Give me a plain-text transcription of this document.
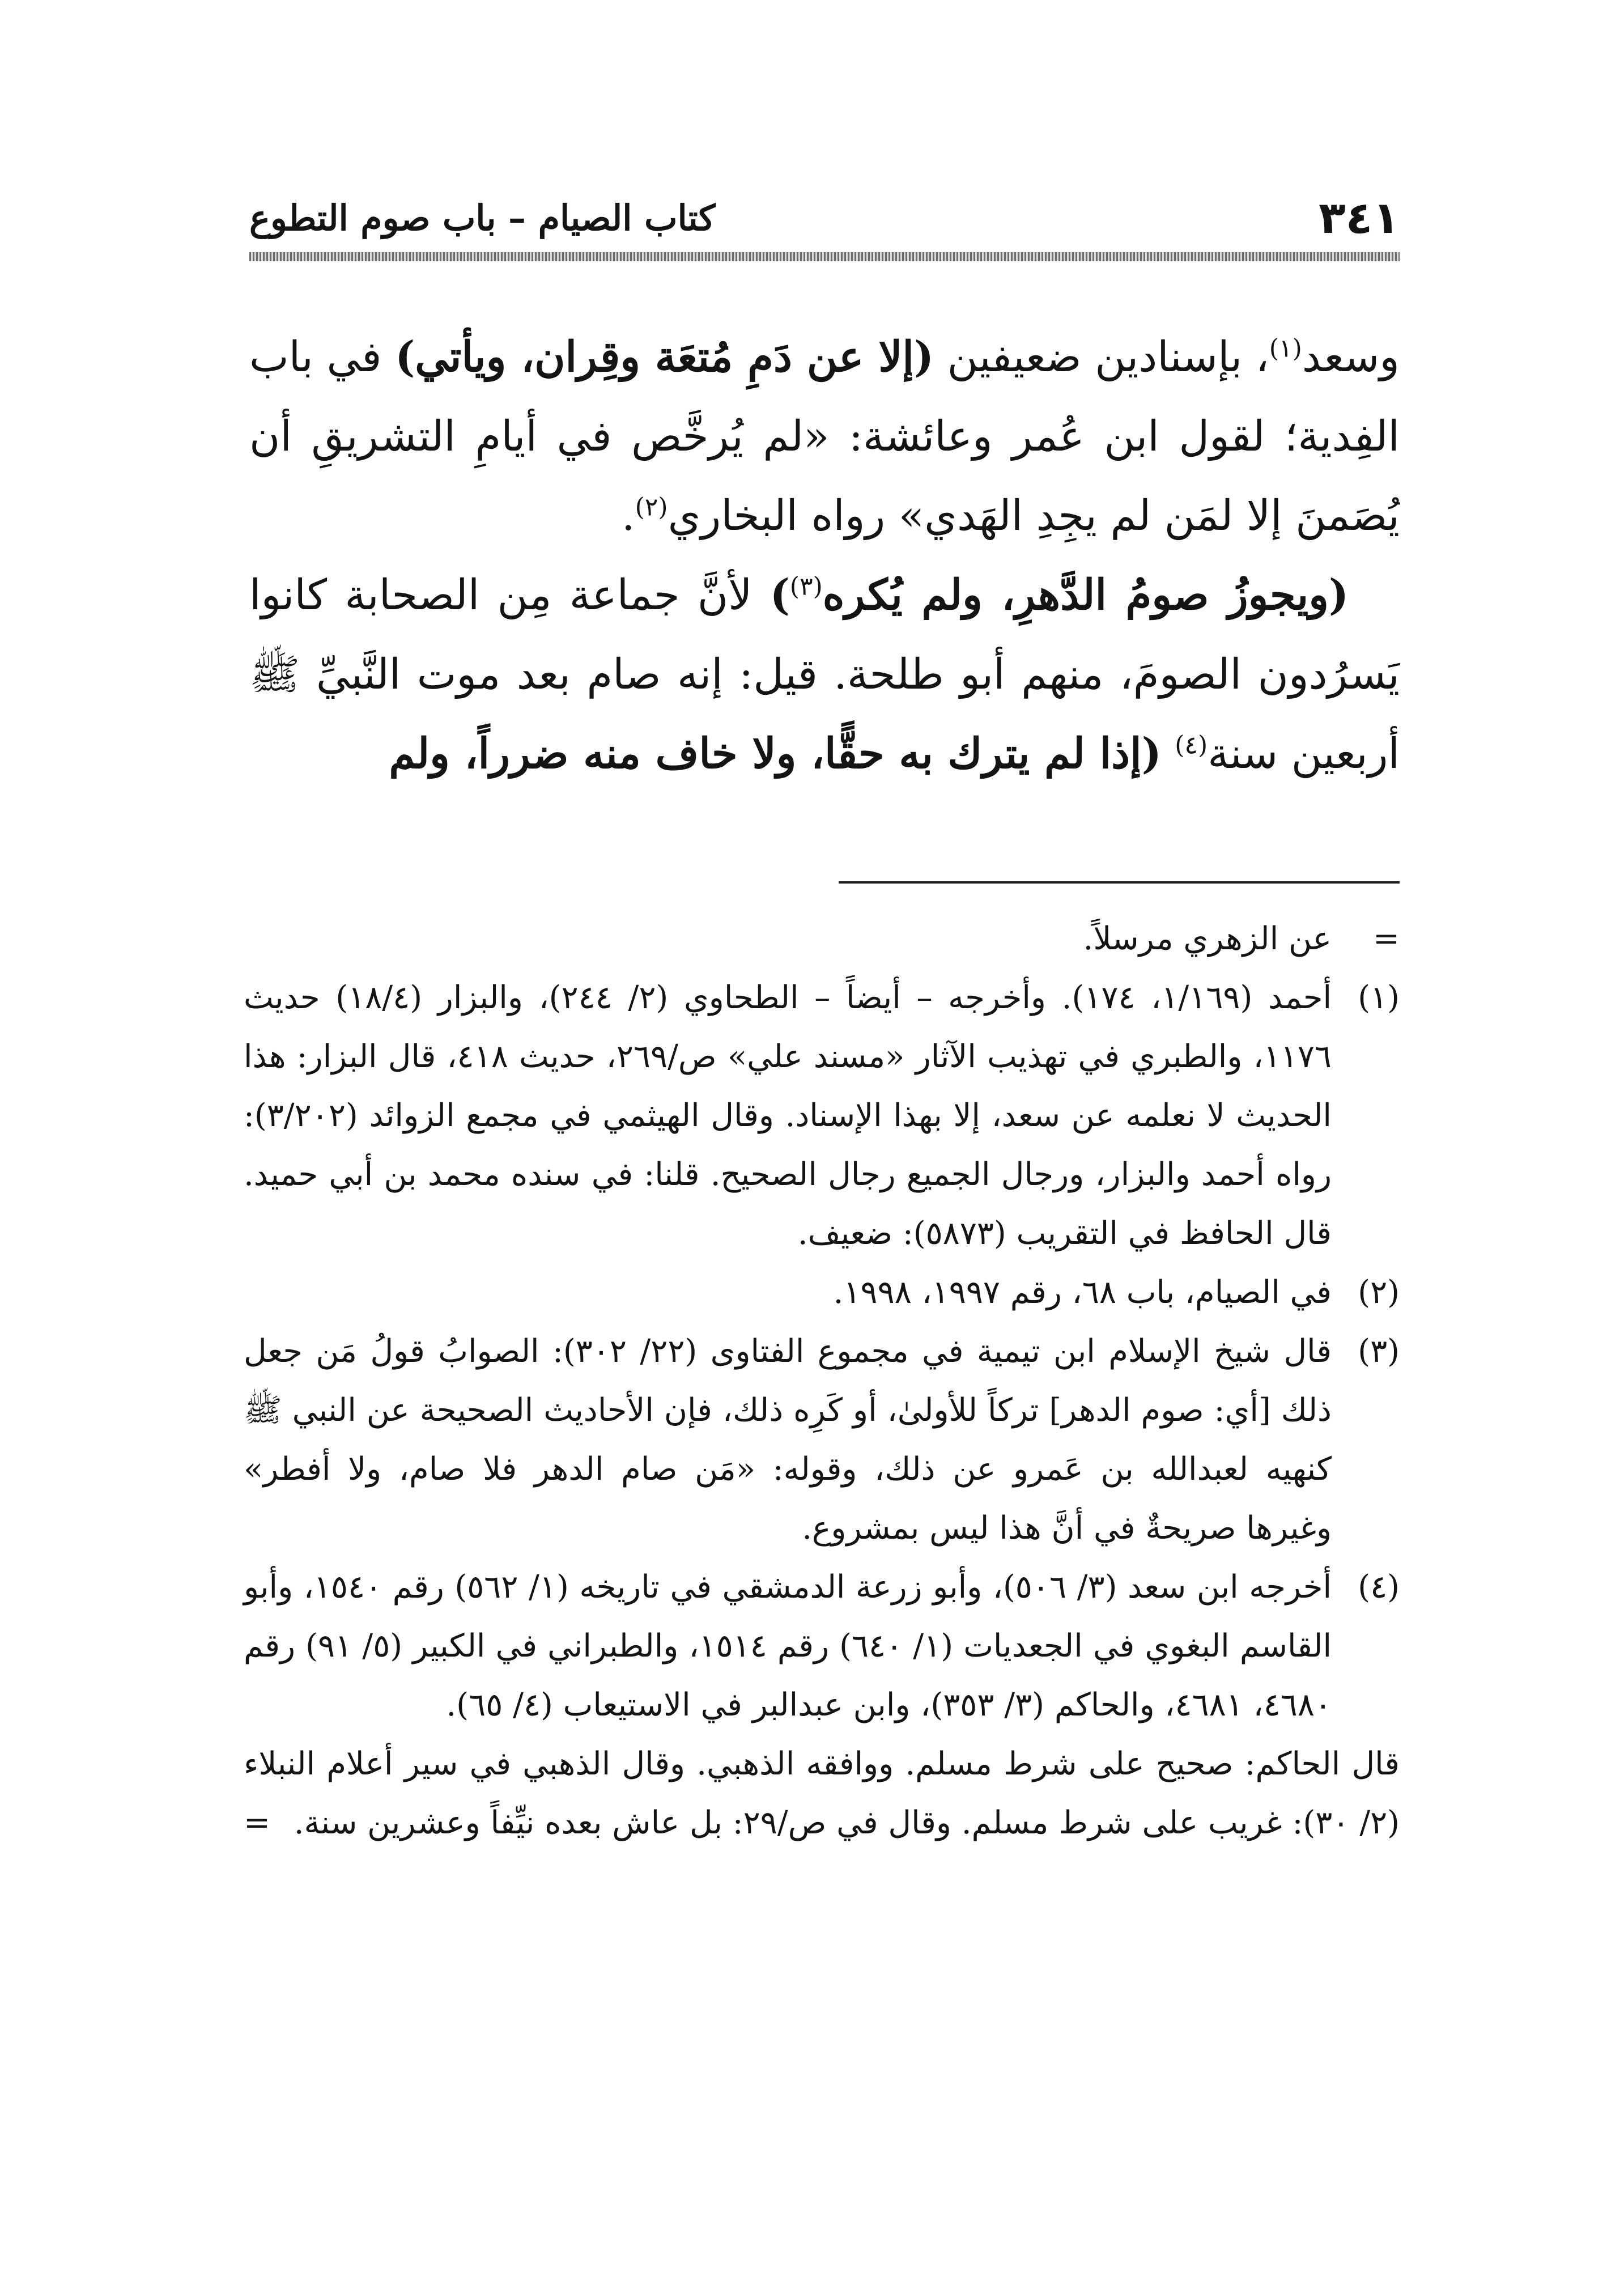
٣٤١
كتاب الصيام – باب صوم التطوع

وسعد$^{(١)}$، بإسنادين ضعيفين (إلا عن دَمِ مُتعَة وقِران، ويأتي) في باب الفِدية؛ لقول ابن عُمر وعائشة: «لم يُرخَّص في أيامِ التشريقِ أن يُصَمنَ إلا لمَن لم يجِدِ الهَدي» رواه البخاري$^{(٢)}$.

(ويجوزُ صومُ الدَّهرِ، ولم يُكره$^{(٣)}$) لأنَّ جماعة مِن الصحابة كانوا يَسرُدون الصومَ، منهم أبو طلحة. قيل: إنه صام بعد موت النَّبيِّ ﷺ أربعين سنة$^{(٤)}$ (إذا لم يترك به حقًّا، ولا خاف منه ضرراً، ولم

=
عن الزهري مرسلاً.
(١)
أحمد (١/١٦٩، ١٧٤). وأخرجه – أيضاً – الطحاوي (٢/ ٢٤٤)، والبزار (١٨/٤) حديث ١١٧٦، والطبري في تهذيب الآثار «مسند علي» ص/٢٦٩، حديث ٤١٨، قال البزار: هذا الحديث لا نعلمه عن سعد، إلا بهذا الإسناد. وقال الهيثمي في مجمع الزوائد (٣/٢٠٢): رواه أحمد والبزار، ورجال الجميع رجال الصحيح. قلنا: في سنده محمد بن أبي حميد. قال الحافظ في التقريب (٥٨٧٣): ضعيف.
(٢)
في الصيام، باب ٦٨، رقم ١٩٩٧، ١٩٩٨.
(٣)
قال شيخ الإسلام ابن تيمية في مجموع الفتاوى (٢٢/ ٣٠٢): الصوابُ قولُ مَن جعل ذلك [أي: صوم الدهر] تركاً للأولىٰ، أو كَرِه ذلك، فإن الأحاديث الصحيحة عن النبي ﷺ كنهيه لعبدالله بن عَمرو عن ذلك، وقوله: «مَن صام الدهر فلا صام، ولا أفطر» وغيرها صريحةٌ في أنَّ هذا ليس بمشروع.
(٤)
أخرجه ابن سعد (٣/ ٥٠٦)، وأبو زرعة الدمشقي في تاريخه (١/ ٥٦٢) رقم ١٥٤٠، وأبو القاسم البغوي في الجعديات (١/ ٦٤٠) رقم ١٥١٤، والطبراني في الكبير (٥/ ٩١) رقم ٤٦٨٠، ٤٦٨١، والحاكم (٣/ ٣٥٣)، وابن عبدالبر في الاستيعاب (٤/ ٦٥).

قال الحاكم: صحيح على شرط مسلم. ووافقه الذهبي. وقال الذهبي في سير أعلام النبلاء (٢/ ٣٠): غريب على شرط مسلم. وقال في ص/٢٩: بل عاش بعده نيِّفاً وعشرين سنة.

=
